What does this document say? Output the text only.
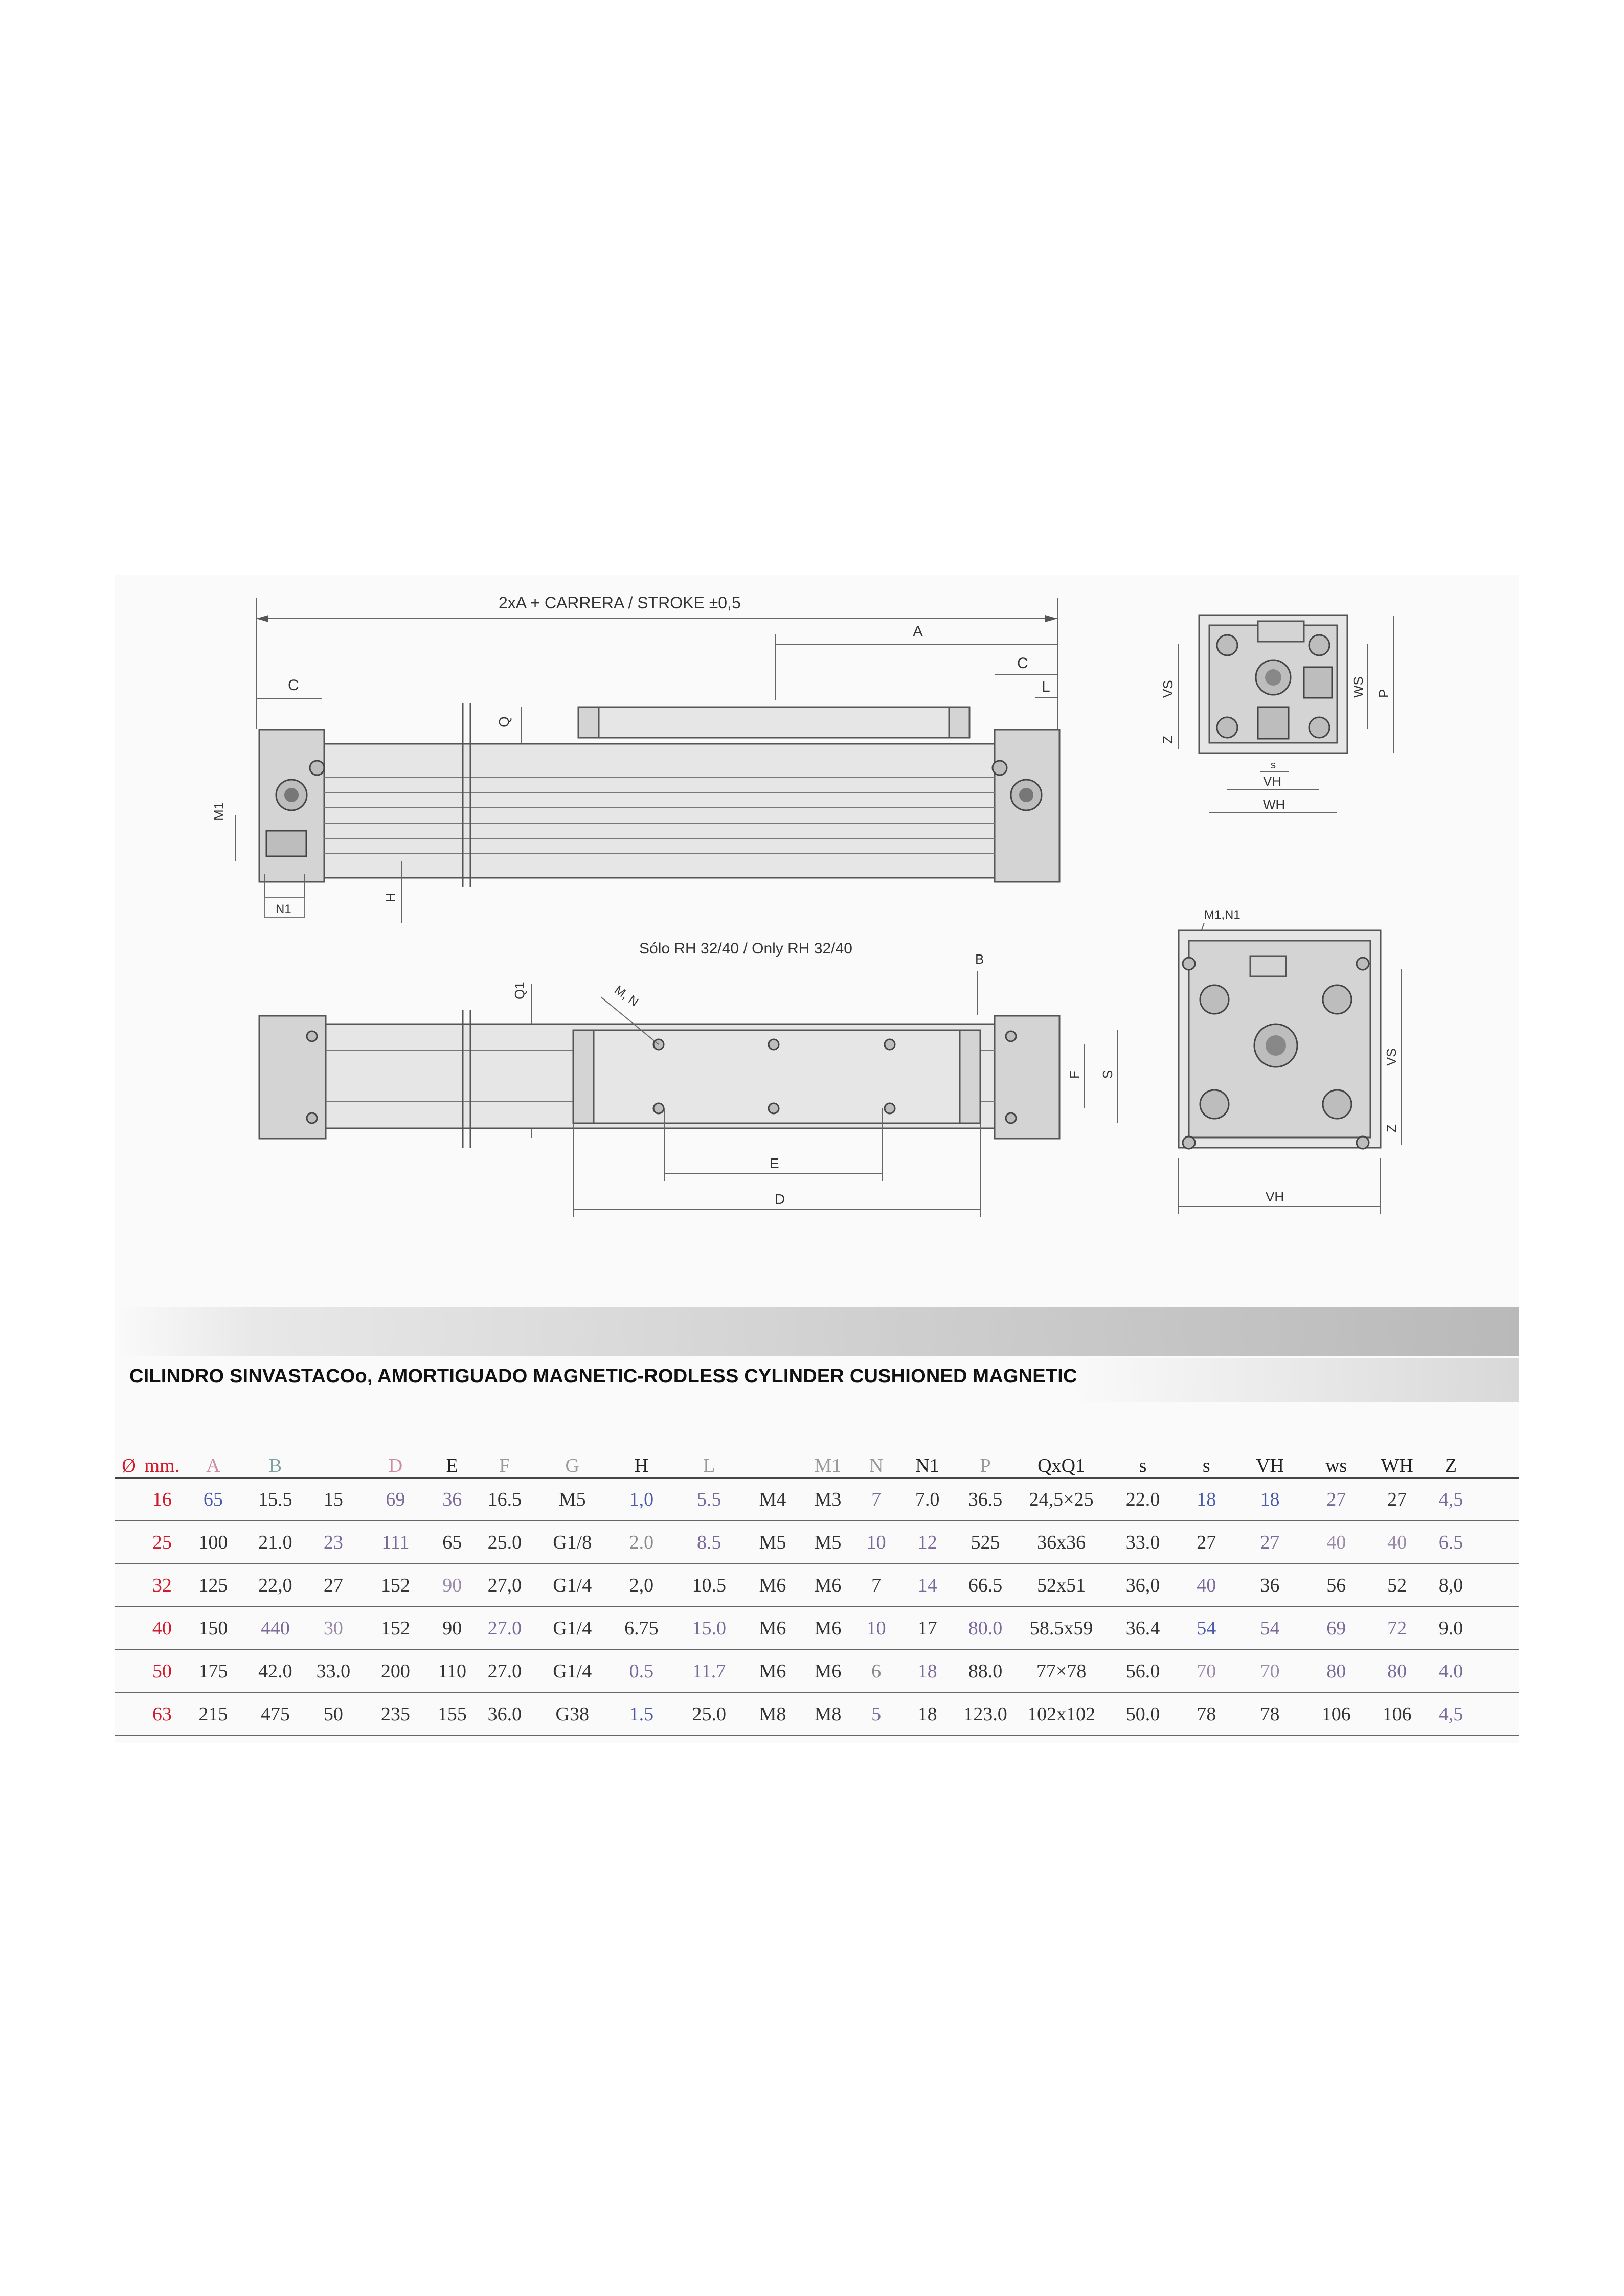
2xA + CARRERA / STROKE ±0,5
A
C
L
C
Q
M1
N1
H
VS
Z
WS P
s
VH
WH
Sólo RH 32/40 / Only RH 32/40
B
Q1	M, N
E
D
F S
M1,N1
VS
Z
VH
CILINDRO SINVASTACOo, AMORTIGUADO MAGNETIC-RODLESS CYLINDER CUSHIONED MAGNETIC
Ø	mm.	A	B		D	E	F	G	H	L		M1	N	N1	P	QxQ1	s	s	VH	ws	WH	Z	
	16	65	15.5	15	69	36	16.5	M5	1,0	5.5	M4	M3	7	7.0	36.5	24,5×25	22.0	18	18	27	27	4,5	
	25	100	21.0	23	111	65	25.0	G1/8	2.0	8.5	M5	M5	10	12	525	36x36	33.0	27	27	40	40	6.5	
	32	125	22,0	27	152	90	27,0	G1/4	2,0	10.5	M6	M6	7	14	66.5	52x51	36,0	40	36	56	52	8,0	
	40	150	440	30	152	90	27.0	G1/4	6.75	15.0	M6	M6	10	17	80.0	58.5x59	36.4	54	54	69	72	9.0	
	50	175	42.0	33.0	200	110	27.0	G1/4	0.5	11.7	M6	M6	6	18	88.0	77×78	56.0	70	70	80	80	4.0	
	63	215	475	50	235	155	36.0	G38	1.5	25.0	M8	M8	5	18	123.0	102x102	50.0	78	78	106	106	4,5	
